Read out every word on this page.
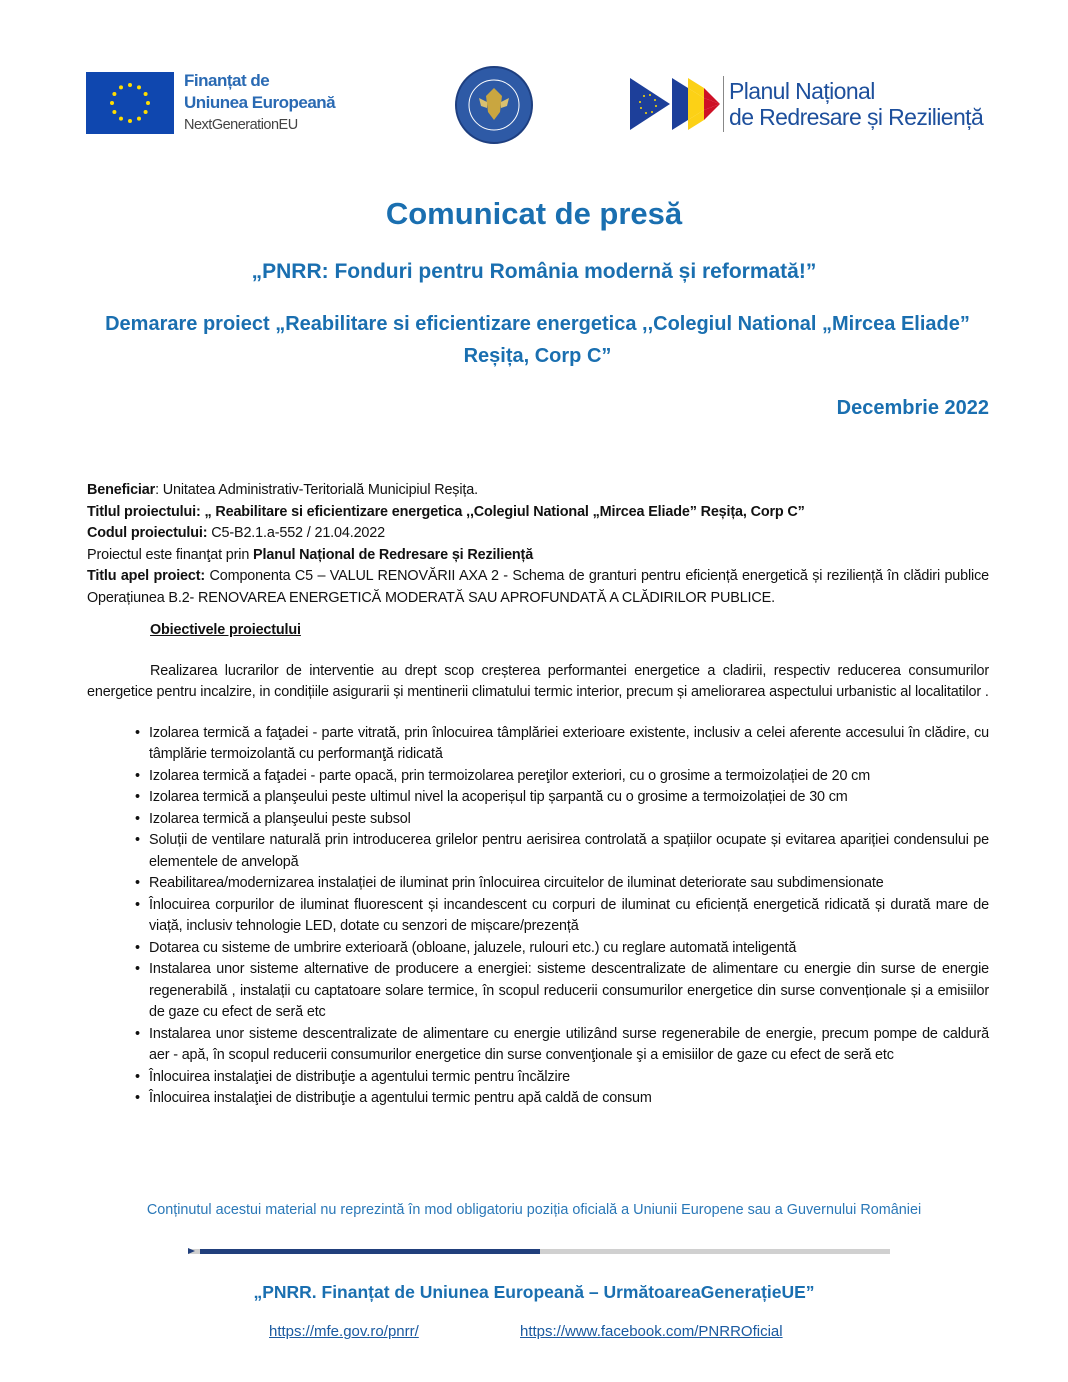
Finanțat de
Uniunea Europeană
NextGenerationEU
Planul Național
de Redresare și Reziliență
Comunicat de presă
„PNRR: Fonduri pentru România modernă și reformată!”
Demarare proiect „Reabilitare si eficientizare energetica ,,Colegiul National „Mircea Eliade” Reșița, Corp C”
Decembrie 2022

Beneficiar: Unitatea Administrativ-Teritorială Municipiul Reșița.

Titlul proiectului: „ Reabilitare si eficientizare energetica ,,Colegiul National „Mircea Eliade” Reșița, Corp C”

Codul proiectului: C5-B2.1.a-552 / 21.04.2022

Proiectul este finanţat prin Planul Național de Redresare și Reziliență

Titlu apel proiect: Componenta C5 – VALUL RENOVĂRII AXA 2 - Schema de granturi pentru eficiență energetică și reziliență în clădiri publice Operațiunea B.2- RENOVAREA ENERGETICĂ MODERATĂ SAU APROFUNDATĂ A CLĂDIRILOR PUBLICE.

Obiectivele proiectului

Realizarea lucrarilor de interventie au drept scop creșterea performantei energetice a cladirii, respectiv reducerea consumurilor energetice pentru incalzire, in condițiile asigurarii și mentinerii climatului termic interior, precum și ameliorarea aspectului urbanistic al localitatilor .

• Izolarea termică a faţadei - parte vitrată, prin înlocuirea tâmplăriei exterioare existente, inclusiv a celei aferente accesului în clădire, cu tâmplărie termoizolantă cu performanţă ridicată
• Izolarea termică a faţadei - parte opacă, prin termoizolarea pereţilor exteriori, cu o grosime a termoizolației de 20 cm
• Izolarea termică a planşeului peste ultimul nivel la acoperișul tip șarpantă cu o grosime a termoizolației de 30 cm
• Izolarea termică a planşeului peste subsol
• Soluții de ventilare naturală prin introducerea grilelor pentru aerisirea controlată a spațiilor ocupate și evitarea apariției condensului pe elementele de anvelopă
• Reabilitarea/modernizarea instalației de iluminat prin înlocuirea circuitelor de iluminat deteriorate sau subdimensionate
• Înlocuirea corpurilor de iluminat fluorescent și incandescent cu corpuri de iluminat cu eficiență energetică ridicată și durată mare de viață, inclusiv tehnologie LED, dotate cu senzori de mișcare/prezență
• Dotarea cu sisteme de umbrire exterioară (obloane, jaluzele, rulouri etc.) cu reglare automată inteligentă
• Instalarea unor sisteme alternative de producere a energiei: sisteme descentralizate de alimentare cu energie din surse de energie regenerabilă , instalații cu captatoare solare termice, în scopul reducerii consumurilor energetice din surse convenționale și a emisiilor de gaze cu efect de seră etc
• Instalarea unor sisteme descentralizate de alimentare cu energie utilizând surse regenerabile de energie, precum pompe de caldură aer - apă, în scopul reducerii consumurilor energetice din surse convenţionale şi a emisiilor de gaze cu efect de seră etc
• Înlocuirea instalaţiei de distribuţie a agentului termic pentru încălzire
• Înlocuirea instalaţiei de distribuţie a agentului termic pentru apă caldă de consum
Conținutul acestui material nu reprezintă în mod obligatoriu poziția oficială a Uniunii Europene sau a Guvernului României
„PNRR. Finanțat de Uniunea Europeană – UrmătoareaGenerațieUE”
https://mfe.gov.ro/pnrr/	https://www.facebook.com/PNRROficial
